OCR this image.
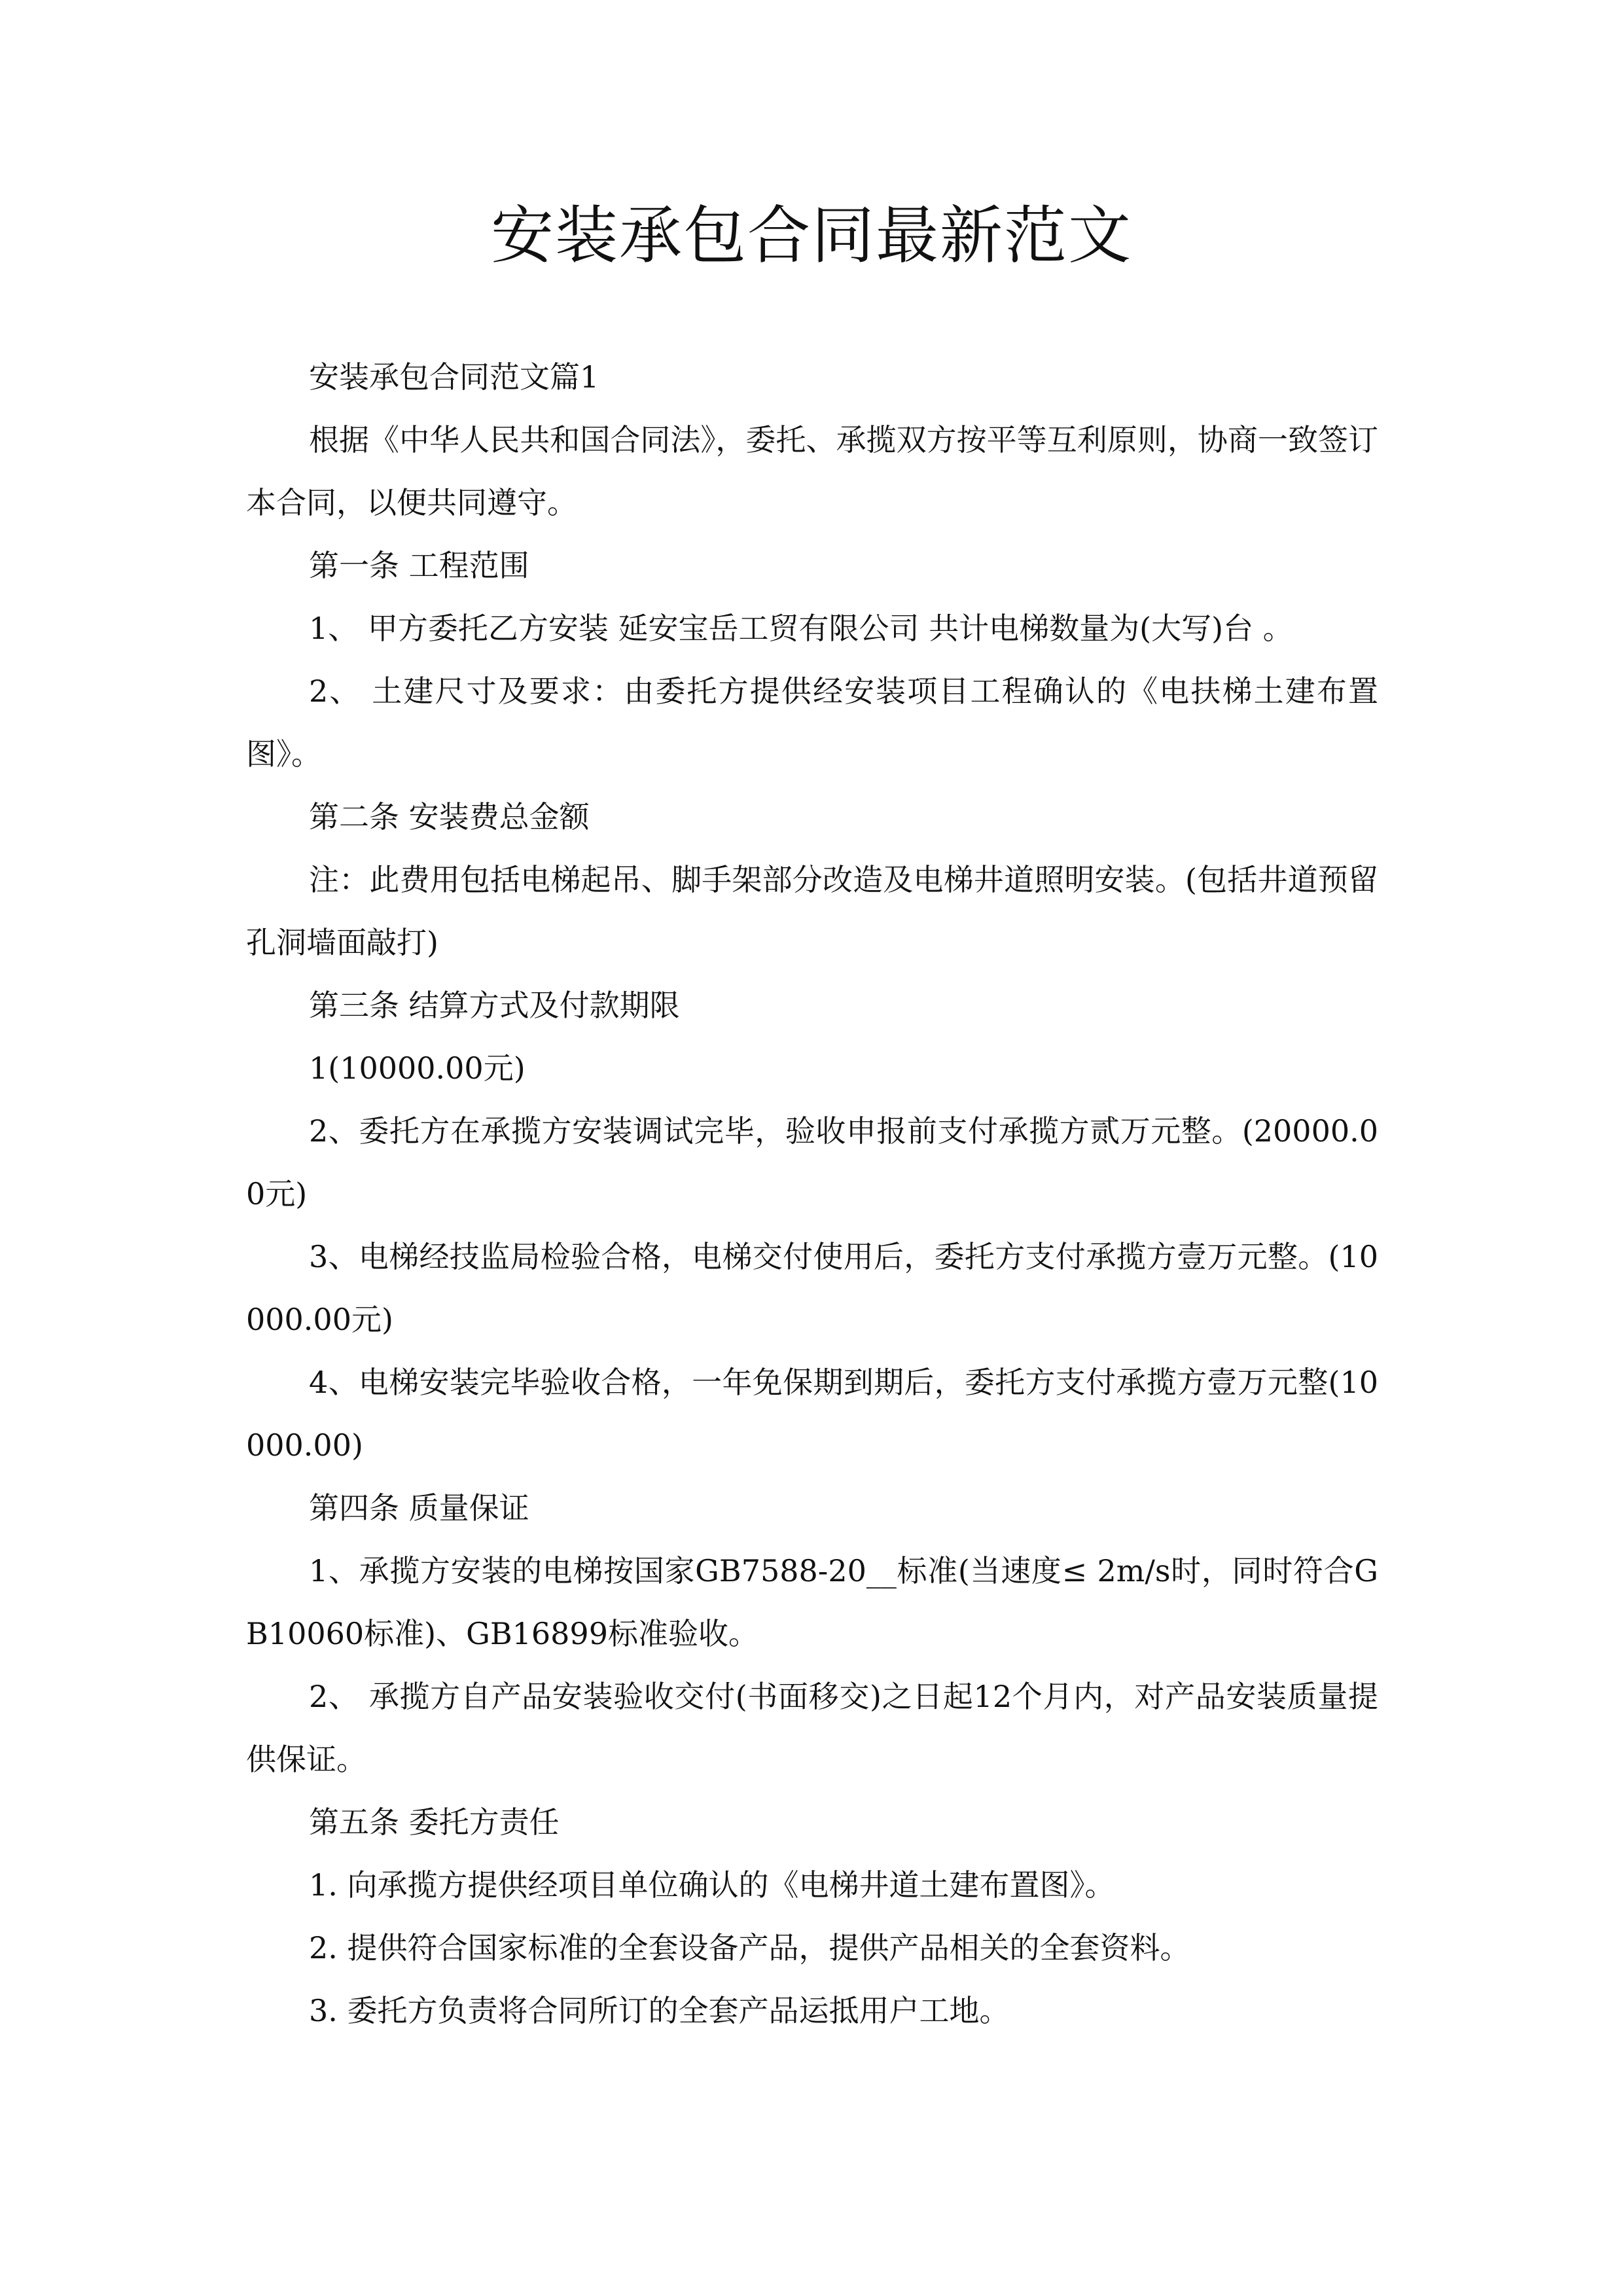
安装承包合同最新范文

安装承包合同范文篇1

根据《中华人民共和国合同法》，委托、承揽双方按平等互利原则，协商一致签订本合同，以便共同遵守。

第一条 工程范围

1、 甲方委托乙方安装 延安宝岳工贸有限公司 共计电梯数量为(大写)台 。

2、 土建尺寸及要求：由委托方提供经安装项目工程确认的《电扶梯土建布置图》。

第二条 安装费总金额

注：此费用包括电梯起吊、脚手架部分改造及电梯井道照明安装。(包括井道预留孔洞墙面敲打)

第三条 结算方式及付款期限

1(10000.00元)

2、委托方在承揽方安装调试完毕，验收申报前支付承揽方贰万元整。(20000.00元)

3、电梯经技监局检验合格，电梯交付使用后，委托方支付承揽方壹万元整。(10000.00元)

4、电梯安装完毕验收合格，一年免保期到期后，委托方支付承揽方壹万元整(10000.00)

第四条 质量保证

1、承揽方安装的电梯按国家GB7588-20__标准(当速度≤ 2m/s时，同时符合GB10060标准)、GB16899标准验收。

2、 承揽方自产品安装验收交付(书面移交)之日起12个月内，对产品安装质量提供保证。

第五条 委托方责任

1. 向承揽方提供经项目单位确认的《电梯井道土建布置图》。

2. 提供符合国家标准的全套设备产品，提供产品相关的全套资料。

3. 委托方负责将合同所订的全套产品运抵用户工地。
